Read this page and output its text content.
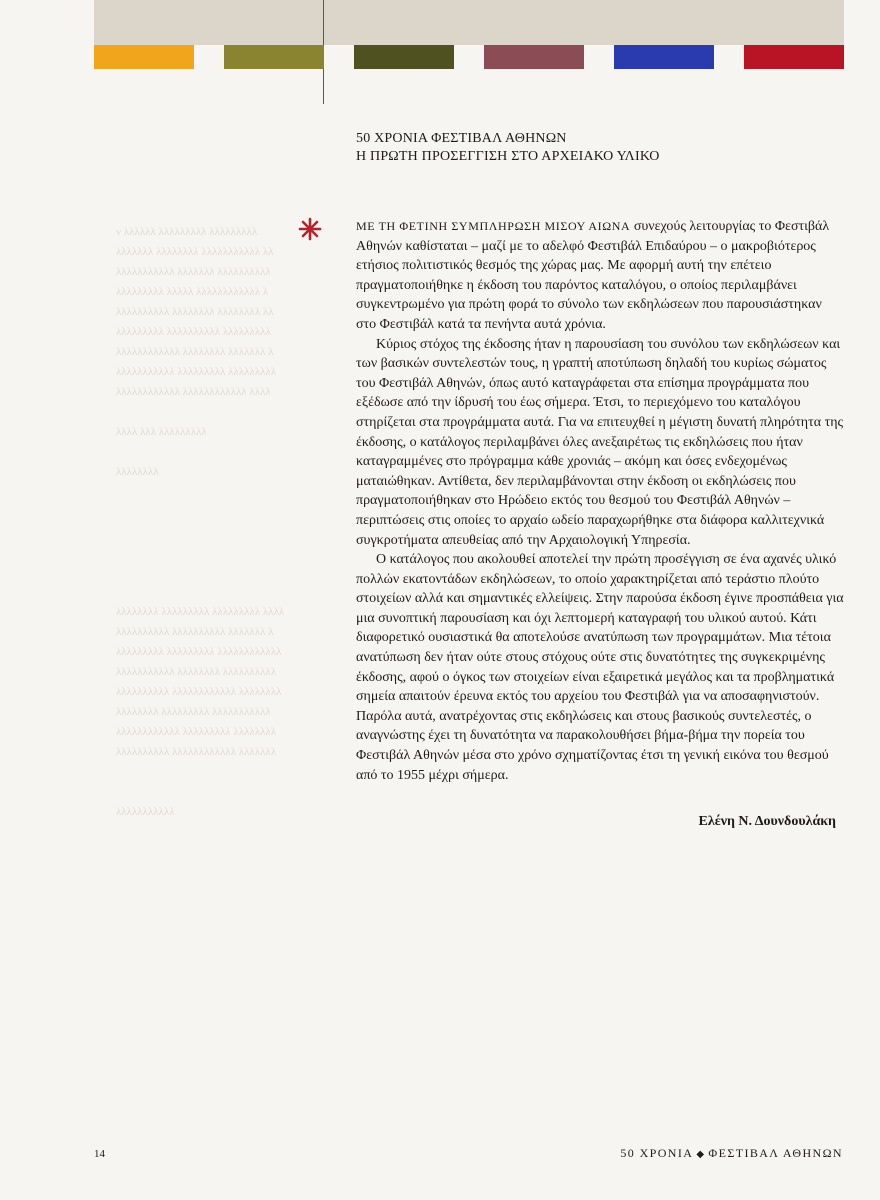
ν λλλλλλ λλλλλλλλλ λλλλλλλλλ
λλλλλλλ λλλλλλλλ λλλλλλλλλλλ λλ
λλλλλλλλλλλ λλλλλλλ λλλλλλλλλλ
λλλλλλλλλ λλλλλ λλλλλλλλλλλλ λ
λλλλλλλλλλ λλλλλλλλ λλλλλλλλ λλ
λλλλλλλλλ λλλλλλλλλλ λλλλλλλλλ
λλλλλλλλλλλλ λλλλλλλλ λλλλλλλ λ
λλλλλλλλλλλ λλλλλλλλλ λλλλλλλλλ
λλλλλλλλλλλλ λλλλλλλλλλλλ λλλλ
λλλλ λλλ λλλλλλλλλ
λλλλλλλλ
λλλλλλλλ λλλλλλλλλ λλλλλλλλλ λλλλ
λλλλλλλλλλ λλλλλλλλλλ λλλλλλλ λ
λλλλλλλλλ λλλλλλλλλ λλλλλλλλλλλλ
λλλλλλλλλλλ λλλλλλλλ λλλλλλλλλλ
λλλλλλλλλλ λλλλλλλλλλλλ λλλλλλλλ
λλλλλλλλ λλλλλλλλλ λλλλλλλλλλλ
λλλλλλλλλλλλ λλλλλλλλλ λλλλλλλλ
λλλλλλλλλλ λλλλλλλλλλλλ λλλλλλλ
λλλλλλλλλλλ
50 ΧΡΟΝΙΑ ΦΕΣΤΙΒΑΛ ΑΘΗΝΩΝ
Η ΠΡΩΤΗ ΠΡΟΣΕΓΓΙΣΗ ΣΤΟ ΑΡΧΕΙΑΚΟ ΥΛΙΚΟ

ΜΕ ΤΗ ΦΕΤΙΝΗ ΣΥΜΠΛΗΡΩΣΗ ΜΙΣΟΥ ΑΙΩΝΑ συνεχούς λειτουργίας το Φεστιβάλ Αθηνών καθίσταται – μαζί με το αδελφό Φεστιβάλ Επιδαύρου – ο μακροβιότερος ετήσιος πολιτιστικός θεσμός της χώρας μας. Με αφορμή αυτή την επέτειο πραγματοποιήθηκε η έκδοση του παρόντος καταλόγου, ο οποίος περιλαμβάνει συγκεντρωμένο για πρώτη φορά το σύνολο των εκδηλώσεων που παρουσιάστηκαν στο Φεστιβάλ κατά τα πενήντα αυτά χρόνια.

Κύριος στόχος της έκδοσης ήταν η παρουσίαση του συνόλου των εκδηλώσεων και των βασικών συντελεστών τους, η γραπτή αποτύπωση δηλαδή του κυρίως σώματος του Φεστιβάλ Αθηνών, όπως αυτό καταγράφεται στα επίσημα προγράμματα που εξέδωσε από την ίδρυσή του έως σήμερα. Έτσι, το περιεχόμενο του καταλόγου στηρίζεται στα προγράμματα αυτά. Για να επιτευχθεί η μέγιστη δυνατή πληρότητα της έκδοσης, ο κατάλογος περιλαμβάνει όλες ανεξαιρέτως τις εκδηλώσεις που ήταν καταγραμμένες στο πρόγραμμα κάθε χρονιάς – ακόμη και όσες ενδεχομένως ματαιώθηκαν. Αντίθετα, δεν περιλαμβάνονται στην έκδοση οι εκδηλώσεις που πραγματοποιήθηκαν στο Ηρώδειο εκτός του θεσμού του Φεστιβάλ Αθηνών – περιπτώσεις στις οποίες το αρχαίο ωδείο παραχωρήθηκε στα διάφορα καλλιτεχνικά συγκροτήματα απευθείας από την Αρχαιολογική Υπηρεσία.

Ο κατάλογος που ακολουθεί αποτελεί την πρώτη προσέγγιση σε ένα αχανές υλικό πολλών εκατοντάδων εκδηλώσεων, το οποίο χαρακτηρίζεται από τεράστιο πλούτο στοιχείων αλλά και σημαντικές ελλείψεις. Στην παρούσα έκδοση έγινε προσπάθεια για μια συνοπτική παρουσίαση και όχι λεπτομερή καταγραφή του υλικού αυτού. Κάτι διαφορετικό ουσιαστικά θα αποτελούσε ανατύπωση των προγραμμάτων. Μια τέτοια ανατύπωση δεν ήταν ούτε στους στόχους ούτε στις δυνατότητες της συγκεκριμένης έκδοσης, αφού ο όγκος των στοιχείων είναι εξαιρετικά μεγάλος και τα προβληματικά σημεία απαιτούν έρευνα εκτός του αρχείου του Φεστιβάλ για να αποσαφηνιστούν. Παρόλα αυτά, ανατρέχοντας στις εκδηλώσεις και στους βασικούς συντελεστές, ο αναγνώστης έχει τη δυνατότητα να παρακολουθήσει βήμα-βήμα την πορεία του Φεστιβάλ Αθηνών μέσα στο χρόνο σχηματίζοντας έτσι τη γενική εικόνα του θεσμού από το 1955 μέχρι σήμερα.

Ελένη Ν. Δουνδουλάκη
14	50 ΧΡΟΝΙΑ ◆ ΦΕΣΤΙΒΑΛ ΑΘΗΝΩΝ
